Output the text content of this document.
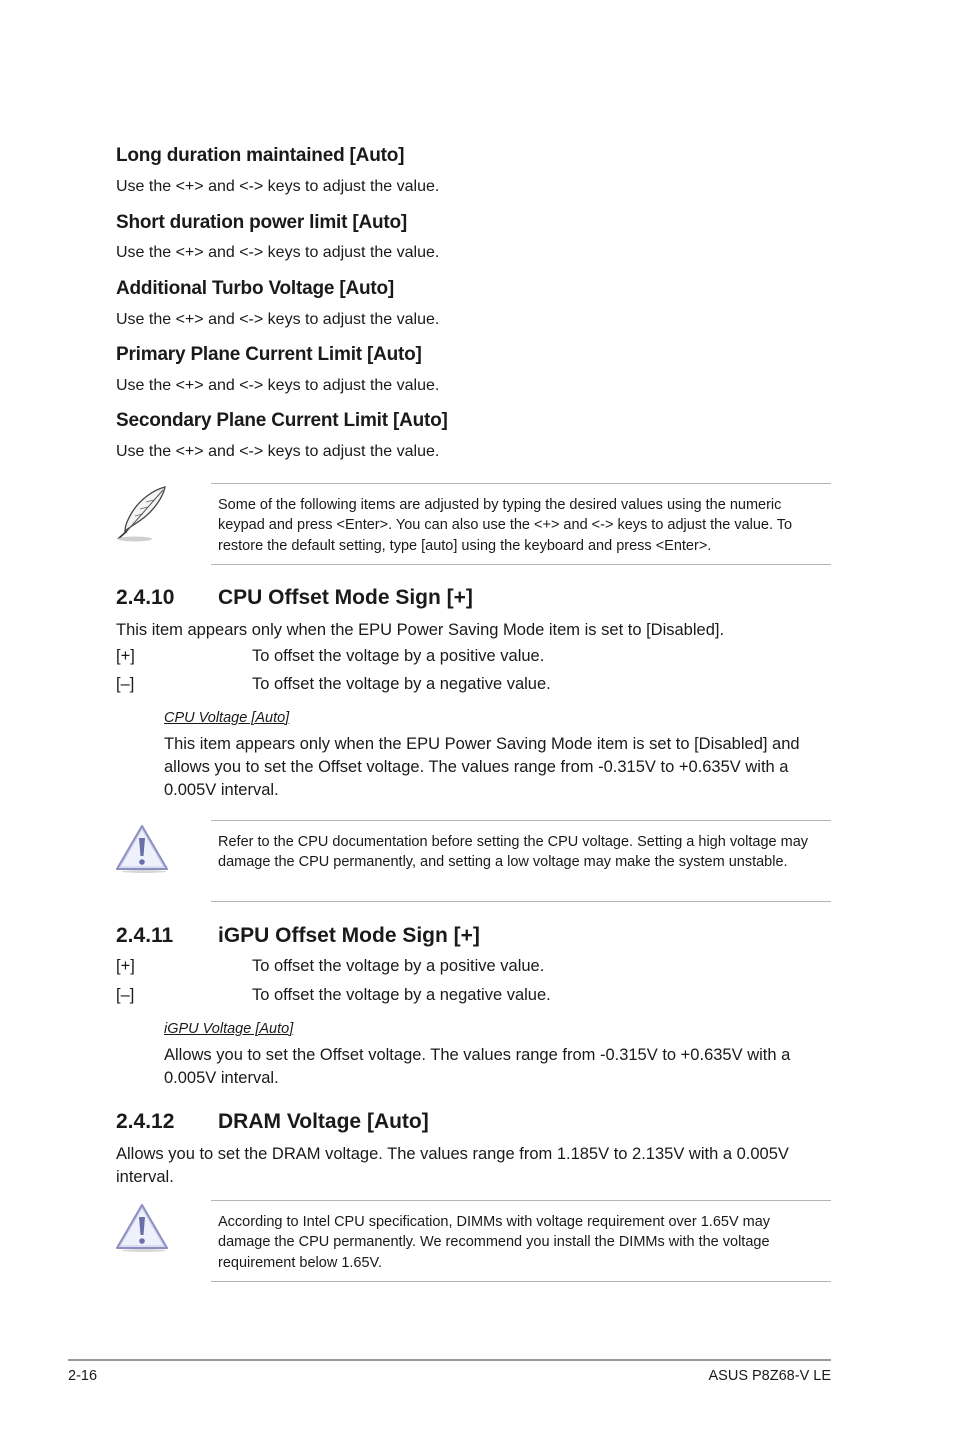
Long duration maintained [Auto]
Use the <+> and <-> keys to adjust the value.
Short duration power limit [Auto]
Use the <+> and <-> keys to adjust the value.
Additional Turbo Voltage [Auto]
Use the <+> and <-> keys to adjust the value.
Primary Plane Current Limit [Auto]
Use the <+> and <-> keys to adjust the value.
Secondary Plane Current Limit [Auto]
Use the <+> and <-> keys to adjust the value.
Some of the following items are adjusted by typing the desired values using the numeric keypad and press <Enter>. You can also use the <+> and <-> keys to adjust the value. To restore the default setting, type [auto] using the keyboard and press <Enter>.
2.4.10 CPU Offset Mode Sign [+]
This item appears only when the EPU Power Saving Mode item is set to [Disabled].
[+]	To offset the voltage by a positive value.
[–]	To offset the voltage by a negative value.
CPU Voltage [Auto]
This item appears only when the EPU Power Saving Mode item is set to [Disabled] and allows you to set the Offset voltage. The values range from -0.315V to +0.635V with a 0.005V interval.
Refer to the CPU documentation before setting the CPU voltage. Setting a high voltage may damage the CPU permanently, and setting a low voltage may make the system unstable.
2.4.11 iGPU Offset Mode Sign [+]
[+]	To offset the voltage by a positive value.
[–]	To offset the voltage by a negative value.
iGPU Voltage [Auto]
Allows you to set the Offset voltage. The values range from -0.315V to +0.635V with a 0.005V interval.
2.4.12 DRAM Voltage [Auto]
Allows you to set the DRAM voltage. The values range from 1.185V to 2.135V with a 0.005V interval.
According to Intel CPU specification, DIMMs with voltage requirement over 1.65V may damage the CPU permanently. We recommend you install the DIMMs with the voltage requirement below 1.65V.
2-16	ASUS P8Z68-V LE
